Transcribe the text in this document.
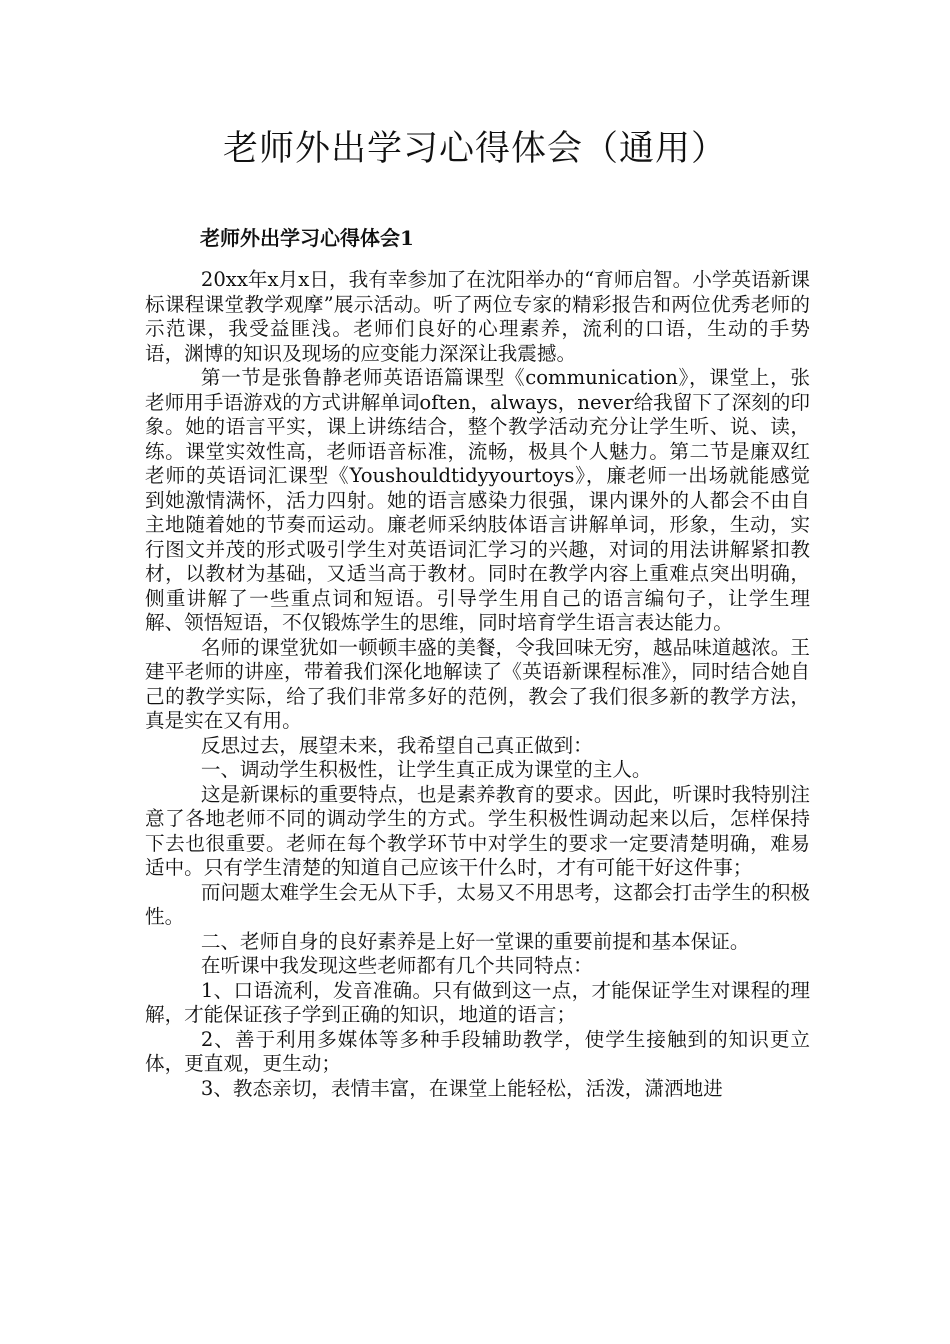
老师外出学习心得体会（通用）
老师外出学习心得体会1

20xx年x月x日，我有幸参加了在沈阳举办的“育师启智。小学英语新课标课程课堂教学观摩”展示活动。听了两位专家的精彩报告和两位优秀老师的示范课，我受益匪浅。老师们良好的心理素养，流利的口语，生动的手势语，渊博的知识及现场的应变能力深深让我震撼。

第一节是张鲁静老师英语语篇课型《communication》，课堂上，张老师用手语游戏的方式讲解单词often，always，never给我留下了深刻的印象。她的语言平实，课上讲练结合，整个教学活动充分让学生听、说、读，练。课堂实效性高，老师语音标准，流畅，极具个人魅力。第二节是廉双红老师的英语词汇课型《Youshouldtidyyourtoys》，廉老师一出场就能感觉到她激情满怀，活力四射。她的语言感染力很强，课内课外的人都会不由自主地随着她的节奏而运动。廉老师采纳肢体语言讲解单词，形象，生动，实行图文并茂的形式吸引学生对英语词汇学习的兴趣，对词的用法讲解紧扣教材，以教材为基础，又适当高于教材。同时在教学内容上重难点突出明确，侧重讲解了一些重点词和短语。引导学生用自己的语言编句子，让学生理解、领悟短语，不仅锻炼学生的思维，同时培育学生语言表达能力。

名师的课堂犹如一顿顿丰盛的美餐，令我回味无穷，越品味道越浓。王建平老师的讲座，带着我们深化地解读了《英语新课程标准》，同时结合她自己的教学实际，给了我们非常多好的范例，教会了我们很多新的教学方法，真是实在又有用。

反思过去，展望未来，我希望自己真正做到：

一、调动学生积极性，让学生真正成为课堂的主人。

这是新课标的重要特点，也是素养教育的要求。因此，听课时我特别注意了各地老师不同的调动学生的方式。学生积极性调动起来以后，怎样保持下去也很重要。老师在每个教学环节中对学生的要求一定要清楚明确，难易适中。只有学生清楚的知道自己应该干什么时，才有可能干好这件事；

而问题太难学生会无从下手，太易又不用思考，这都会打击学生的积极性。

二、老师自身的良好素养是上好一堂课的重要前提和基本保证。

在听课中我发现这些老师都有几个共同特点：

1、口语流利，发音准确。只有做到这一点，才能保证学生对课程的理解，才能保证孩子学到正确的知识，地道的语言；

2、善于利用多媒体等多种手段辅助教学，使学生接触到的知识更立体，更直观，更生动；

3、教态亲切，表情丰富，在课堂上能轻松，活泼，潇洒地进
